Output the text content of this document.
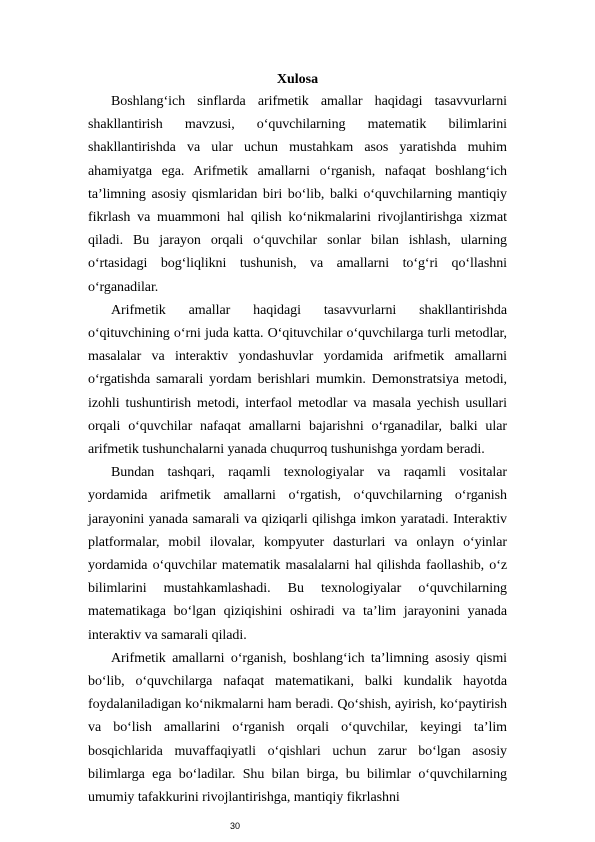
Xulosa

Boshlang‘ich sinflarda arifmetik amallar haqidagi tasavvurlarni shakllantirish mavzusi, o‘quvchilarning matematik bilimlarini shakllantirishda va ular uchun mustahkam asos yaratishda muhim ahamiyatga ega. Arifmetik amallarni o‘rganish, nafaqat boshlang‘ich ta’limning asosiy qismlaridan biri bo‘lib, balki o‘quvchilarning mantiqiy fikrlash va muammoni hal qilish ko‘nikmalarini rivojlantirishga xizmat qiladi. Bu jarayon orqali o‘quvchilar sonlar bilan ishlash, ularning o‘rtasidagi bog‘liqlikni tushunish, va amallarni to‘g‘ri qo‘llashni o‘rganadilar.

Arifmetik amallar haqidagi tasavvurlarni shakllantirishda o‘qituvchining o‘rni juda katta. O‘qituvchilar o‘quvchilarga turli metodlar, masalalar va interaktiv yondashuvlar yordamida arifmetik amallarni o‘rgatishda samarali yordam berishlari mumkin. Demonstratsiya metodi, izohli tushuntirish metodi, interfaol metodlar va masala yechish usullari orqali o‘quvchilar nafaqat amallarni bajarishni o‘rganadilar, balki ular arifmetik tushunchalarni yanada chuqurroq tushunishga yordam beradi.

Bundan tashqari, raqamli texnologiyalar va raqamli vositalar yordamida arifmetik amallarni o‘rgatish, o‘quvchilarning o‘rganish jarayonini yanada samarali va qiziqarli qilishga imkon yaratadi. Interaktiv platformalar, mobil ilovalar, kompyuter dasturlari va onlayn o‘yinlar yordamida o‘quvchilar matematik masalalarni hal qilishda faollashib, o‘z bilimlarini mustahkamlashadi. Bu texnologiyalar o‘quvchilarning matematikaga bo‘lgan qiziqishini oshiradi va ta’lim jarayonini yanada interaktiv va samarali qiladi.

Arifmetik amallarni o‘rganish, boshlang‘ich ta’limning asosiy qismi bo‘lib, o‘quvchilarga nafaqat matematikani, balki kundalik hayotda foydalaniladigan ko‘nikmalarni ham beradi. Qo‘shish, ayirish, ko‘paytirish va bo‘lish amallarini o‘rganish orqali o‘quvchilar, keyingi ta’lim bosqichlarida muvaffaqiyatli o‘qishlari uchun zarur bo‘lgan asosiy bilimlarga ega bo‘ladilar. Shu bilan birga, bu bilimlar o‘quvchilarning umumiy tafakkurini rivojlantirishga, mantiqiy fikrlashni

30
